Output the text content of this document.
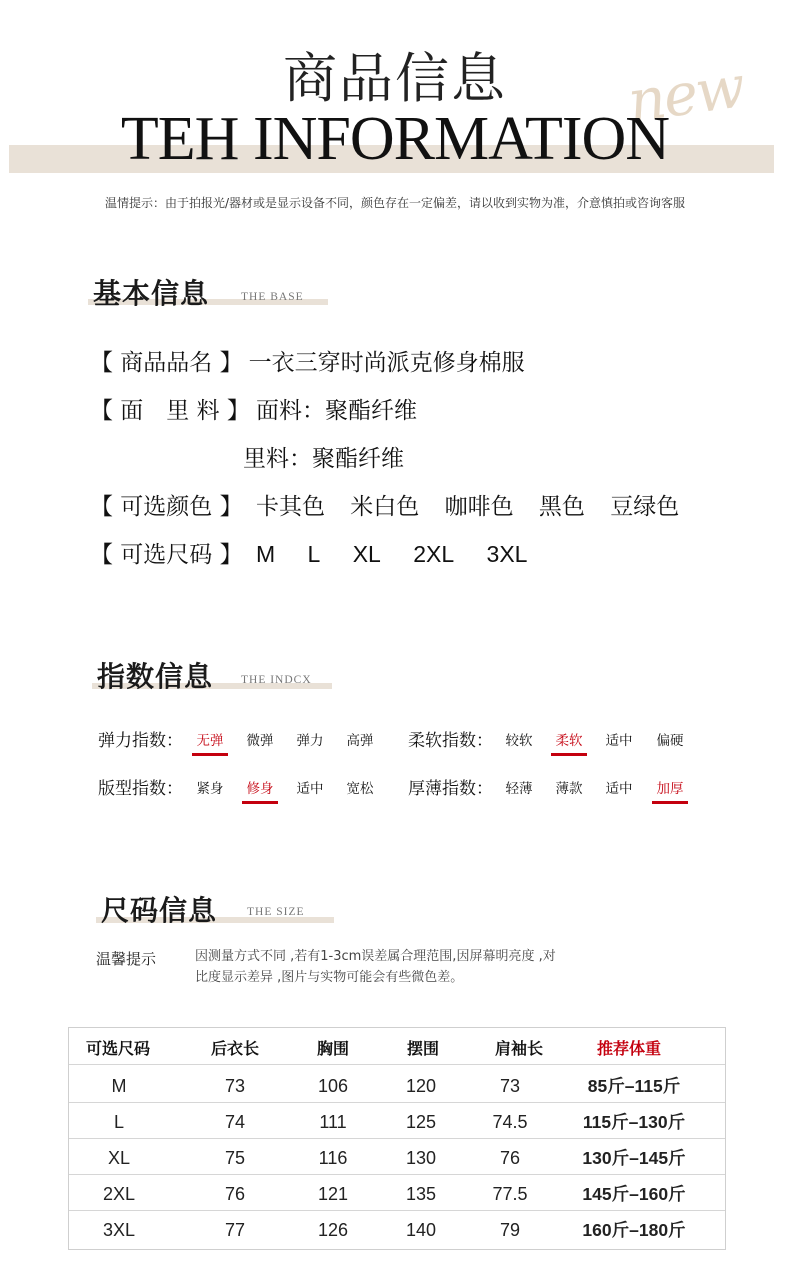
商品信息	new
TEH INFORMATION
温情提示：由于拍报光/器材或是显示设备不同，颜色存在一定偏差，请以收到实物为准，介意慎拍或咨询客服
基本信息	THE BASE
【 商品品名 】 一衣三穿时尚派克修身棉服
【 面　里 料 】 面料：聚酯纤维
里料：聚酯纤维
【 可选颜色 】 卡其色 米白色 咖啡色 黑色 豆绿色
【 可选尺码 】 M L XL 2XL 3XL
指数信息 THE INDCX
弹力指数：	无弹	微弹	弹力	高弹	柔软指数： 较软	柔软	适中	偏硬
版型指数：	紧身	修身	适中	宽松	厚薄指数： 轻薄	薄款	适中	加厚
尺码信息	THE SIZE
温馨提示	因测量方式不同 ,若有1-3cm误差属合理范围,因屏幕明亮度 ,对
比度显示差异 ,图片与实物可能会有些微色差。
可选尺码	后衣长	胸围	摆围	肩袖长	推荐体重
M	73	106	120	73	85斤–115斤
L	74	111	125	74.5	115斤–130斤
XL	75	116	130	76	130斤–145斤
2XL	76	121	135	77.5	145斤–160斤
3XL	77	126	140	79	160斤–180斤
